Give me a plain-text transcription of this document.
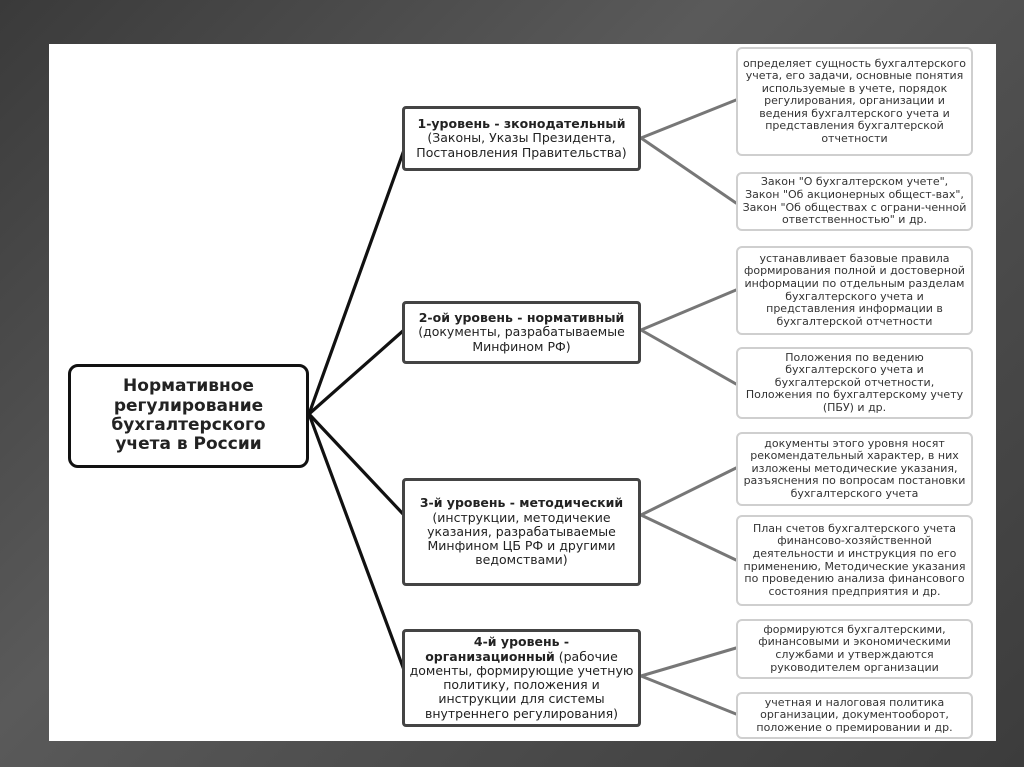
Нормативное регулирование бухгалтерского учета в России
1-уровень - зконодательный (Законы, Указы Президента, Постановления Правительства)
определяет сущность бухгалтерского учета, его задачи, основные понятия используемые в учете, порядок регулирования, организации и ведения бухгалтерского учета и представления бухгалтерской отчетности
Закон "О бухгалтерском учете", Закон "Об акционерных общест-вах", Закон "Об обществах с ограни-ченной ответственностью" и др.
2-ой уровень - нормативный (документы, разрабатываемые Минфином РФ)
устанавливает базовые правила формирования полной и достоверной информации по отдельным разделам бухгалтерского учета и представления информации в бухгалтерской отчетности
Положения по ведению бухгалтерского учета и бухгалтерской отчетности, Положения по бухгалтерскому учету (ПБУ) и др.
3-й уровень - методический (инструкции, методичекие указания, разрабатываемые Минфином ЦБ РФ и другими ведомствами)
документы этого уровня носят рекомендательный характер, в них изложены методические указания, разъяснения по вопросам постановки бухгалтерского учета
План счетов бухгалтерского учета финансово-хозяйственной деятельности и инструкция по его применению, Методические указания по проведению анализа финансового состояния предприятия и др.
4-й уровень - организационный (рабочие доменты, формирующие учетную политику, положения и инструкции для системы внутреннего регулирования)
формируются бухгалтерскими, финансовыми и экономическими службами и утверждаются руководителем организации
учетная и налоговая политика организации, документооборот, положение о премировании и др.
